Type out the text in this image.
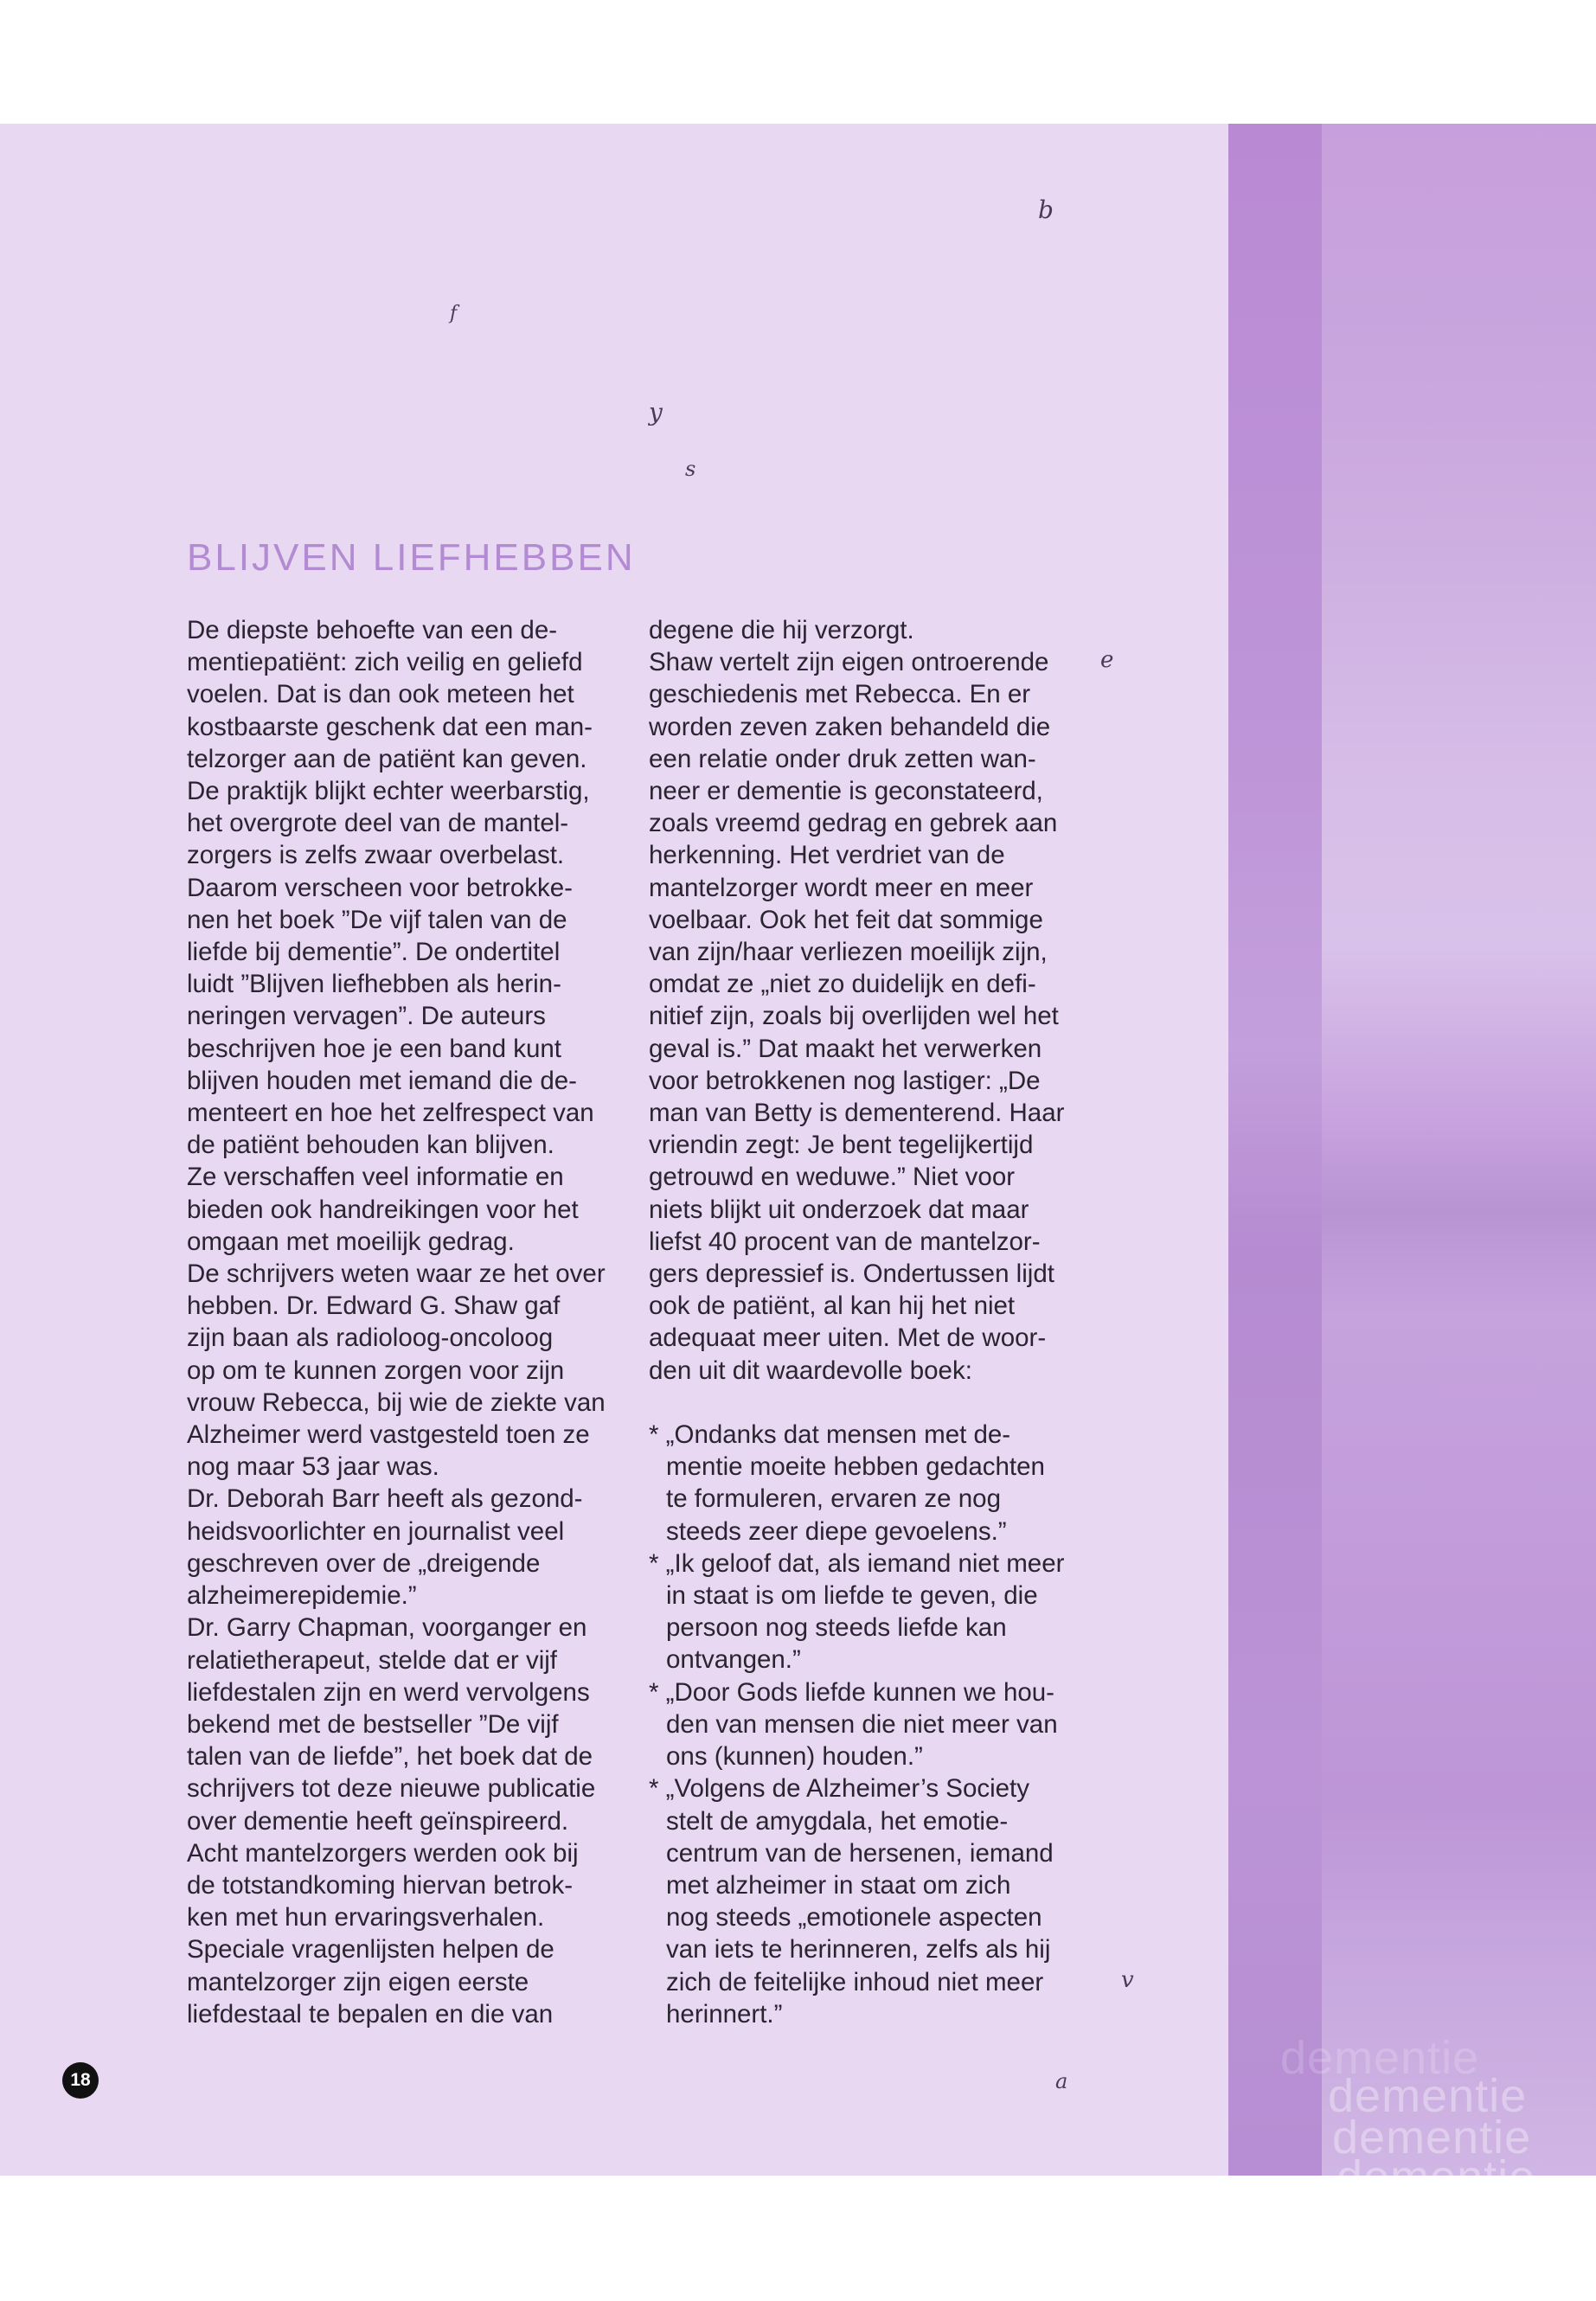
dementie
dementie
dementie
dementie
b
f
y
s
e
v
a
BLIJVEN LIEFHEBBEN
De diepste behoefte van een de-
mentiepatiënt: zich veilig en geliefd
voelen. Dat is dan ook meteen het
kostbaarste geschenk dat een man-
telzorger aan de patiënt kan geven.
De praktijk blijkt echter weerbarstig,
het overgrote deel van de mantel-
zorgers is zelfs zwaar overbelast.
Daarom verscheen voor betrokke-
nen het boek ”De vijf talen van de
liefde bij dementie”. De ondertitel
luidt ”Blijven liefhebben als herin-
neringen vervagen”. De auteurs
beschrijven hoe je een band kunt
blijven houden met iemand die de-
menteert en hoe het zelfrespect van
de patiënt behouden kan blijven.
Ze verschaffen veel informatie en
bieden ook handreikingen voor het
omgaan met moeilijk gedrag.
De schrijvers weten waar ze het over
hebben. Dr. Edward G. Shaw gaf
zijn baan als radioloog-oncoloog
op om te kunnen zorgen voor zijn
vrouw Rebecca, bij wie de ziekte van
Alzheimer werd vastgesteld toen ze
nog maar 53 jaar was.
Dr. Deborah Barr heeft als gezond-
heidsvoorlichter en journalist veel
geschreven over de „dreigende
alzheimerepidemie.”
Dr. Garry Chapman, voorganger en
relatietherapeut, stelde dat er vijf
liefdestalen zijn en werd vervolgens
bekend met de bestseller ”De vijf
talen van de liefde”, het boek dat de
schrijvers tot deze nieuwe publicatie
over dementie heeft geïnspireerd.
Acht mantelzorgers werden ook bij
de totstandkoming hiervan betrok-
ken met hun ervaringsverhalen.
Speciale vragenlijsten helpen de
mantelzorger zijn eigen eerste
liefdestaal te bepalen en die van
degene die hij verzorgt.
Shaw vertelt zijn eigen ontroerende
geschiedenis met Rebecca. En er
worden zeven zaken behandeld die
een relatie onder druk zetten wan-
neer er dementie is geconstateerd,
zoals vreemd gedrag en gebrek aan
herkenning. Het verdriet van de
mantelzorger wordt meer en meer
voelbaar. Ook het feit dat sommige
van zijn/haar verliezen moeilijk zijn,
omdat ze „niet zo duidelijk en defi-
nitief zijn, zoals bij overlijden wel het
geval is.” Dat maakt het verwerken
voor betrokkenen nog lastiger: „De
man van Betty is dementerend. Haar
vriendin zegt: Je bent tegelijkertijd
getrouwd en weduwe.” Niet voor
niets blijkt uit onderzoek dat maar
liefst 40 procent van de mantelzor-
gers depressief is. Ondertussen lijdt
ook de patiënt, al kan hij het niet
adequaat meer uiten. Met de woor-
den uit dit waardevolle boek:
* „Ondanks dat mensen met de-
mentie moeite hebben gedachten
te formuleren, ervaren ze nog
steeds zeer diepe gevoelens.”
* „Ik geloof dat, als iemand niet meer
in staat is om liefde te geven, die
persoon nog steeds liefde kan
ontvangen.”
* „Door Gods liefde kunnen we hou-
den van mensen die niet meer van
ons (kunnen) houden.”
* „Volgens de Alzheimer’s Society
stelt de amygdala, het emotie-
centrum van de hersenen, iemand
met alzheimer in staat om zich
nog steeds „emotionele aspecten
van iets te herinneren, zelfs als hij
zich de feitelijke inhoud niet meer
herinnert.”
18
